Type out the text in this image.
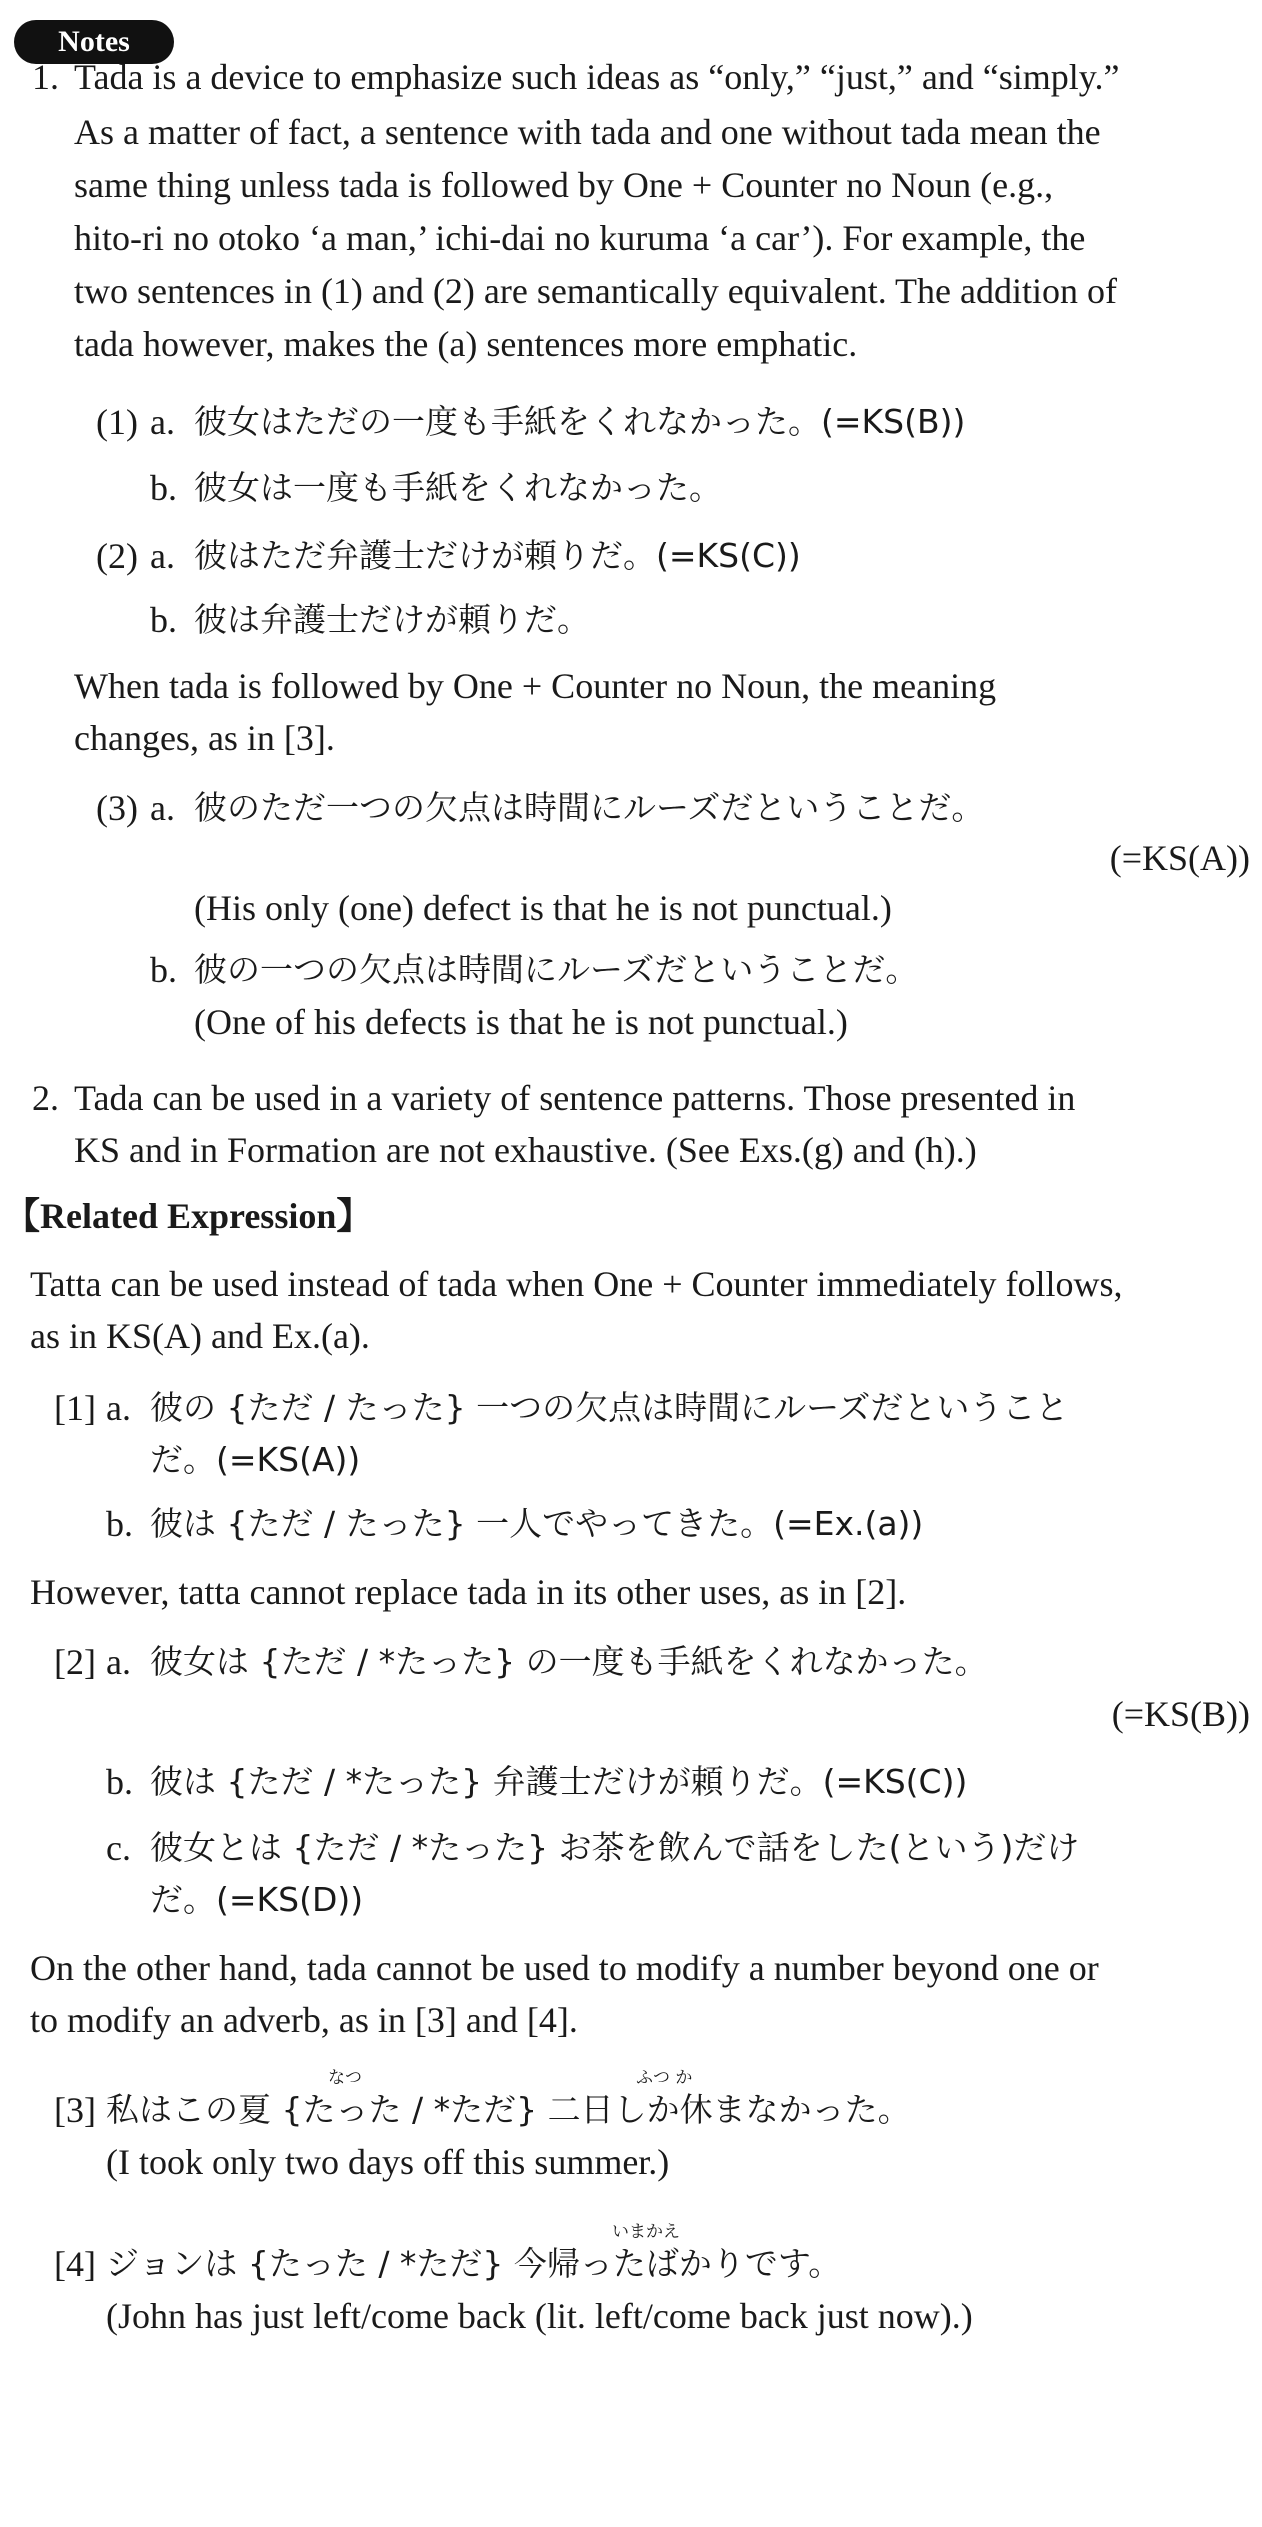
Notes
1. Tada is a device to emphasize such ideas as “only,” “just,” and “simply.”
As a matter of fact, a sentence with tada and one without tada mean the
same thing unless tada is followed by One + Counter no Noun (e.g.,
hito-ri no otoko ‘a man,’ ichi-dai no kuruma ‘a car’). For example, the
two sentences in (1) and (2) are semantically equivalent. The addition of
tada however, makes the (a) sentences more emphatic.
(1) a. 彼女はただの一度も手紙をくれなかった。(=KS(B))
b. 彼女は一度も手紙をくれなかった。
(2) a. 彼はただ弁護士だけが頼りだ。(=KS(C))
b. 彼は弁護士だけが頼りだ。
When tada is followed by One + Counter no Noun, the meaning
changes, as in [3].
(3) a. 彼のただ一つの欠点は時間にルーズだということだ。
(=KS(A))
(His only (one) defect is that he is not punctual.)
b. 彼の一つの欠点は時間にルーズだということだ。
(One of his defects is that he is not punctual.)
2. Tada can be used in a variety of sentence patterns. Those presented in
KS and in Formation are not exhaustive. (See Exs.(g) and (h).)
【Related Expression】
Tatta can be used instead of tada when One + Counter immediately follows,
as in KS(A) and Ex.(a).
[1] a. 彼の {ただ / たった} 一つの欠点は時間にルーズだということ
だ。(=KS(A))
b. 彼は {ただ / たった} 一人でやってきた。(=Ex.(a))
However, tatta cannot replace tada in its other uses, as in [2].
[2] a. 彼女は {ただ / *たった} の一度も手紙をくれなかった。
(=KS(B))
b. 彼は {ただ / *たった} 弁護士だけが頼りだ。(=KS(C))
c. 彼女とは {ただ / *たった} お茶を飲んで話をした(という)だけ
だ。(=KS(D))
On the other hand, tada cannot be used to modify a number beyond one or
to modify an adverb, as in [3] and [4].
なつ	ふつ か
[3] 私はこの夏 {たった / *ただ} 二日しか休まなかった。
(I took only two days off this summer.)
いまかえ
[4] ジョンは {たった / *ただ} 今帰ったばかりです。
(John has just left/come back (lit. left/come back just now).)
